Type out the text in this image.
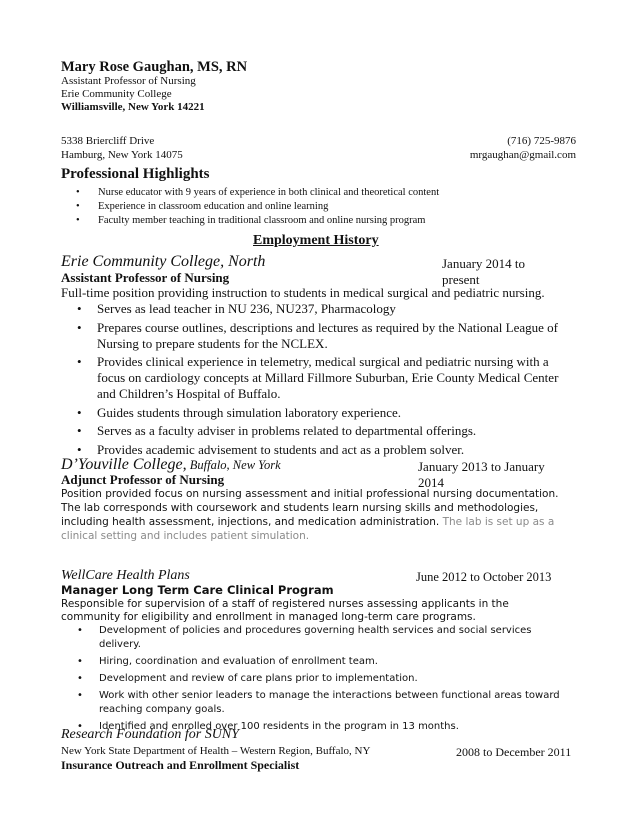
Mary Rose Gaughan, MS, RN
Assistant Professor of Nursing
Erie Community College
Williamsville, New York 14221
5338 Briercliff Drive
Hamburg, New York 14075
(716) 725-9876
mrgaughan@gmail.com
Professional Highlights
• Nurse educator with 9 years of experience in both clinical and theoretical content
• Experience in classroom education and online learning
• Faculty member teaching in traditional classroom and online nursing program
Employment History
Erie Community College, North	January 2014 to present
Assistant Professor of Nursing
Full-time position providing instruction to students in medical surgical and pediatric nursing.
• Serves as lead teacher in NU 236, NU237, Pharmacology
• Prepares course outlines, descriptions and lectures as required by the National League of Nursing to prepare students for the NCLEX.
• Provides clinical experience in telemetry, medical surgical and pediatric nursing with a focus on cardiology concepts at Millard Fillmore Suburban, Erie County Medical Center and Children’s Hospital of Buffalo.
• Guides students through simulation laboratory experience.
• Serves as a faculty adviser in problems related to departmental offerings.
• Provides academic advisement to students and act as a problem solver.
D’Youville College, Buffalo, New York	January 2013 to January 2014
Adjunct Professor of Nursing
Position provided focus on nursing assessment and initial professional nursing documentation. The lab corresponds with coursework and students learn nursing skills and methodologies, including health assessment, injections, and medication administration. The lab is set up as a clinical setting and includes patient simulation.
WellCare Health Plans	June 2012 to October 2013
Manager Long Term Care Clinical Program
Responsible for supervision of a staff of registered nurses assessing applicants in the community for eligibility and enrollment in managed long-term care programs.
• Development of policies and procedures governing health services and social services delivery.
• Hiring, coordination and evaluation of enrollment team.
• Development and review of care plans prior to implementation.
• Work with other senior leaders to manage the interactions between functional areas toward reaching company goals.
• Identified and enrolled over 100 residents in the program in 13 months.
Research Foundation for SUNY
New York State Department of Health – Western Region, Buffalo, NY	2008 to December 2011
Insurance Outreach and Enrollment Specialist
